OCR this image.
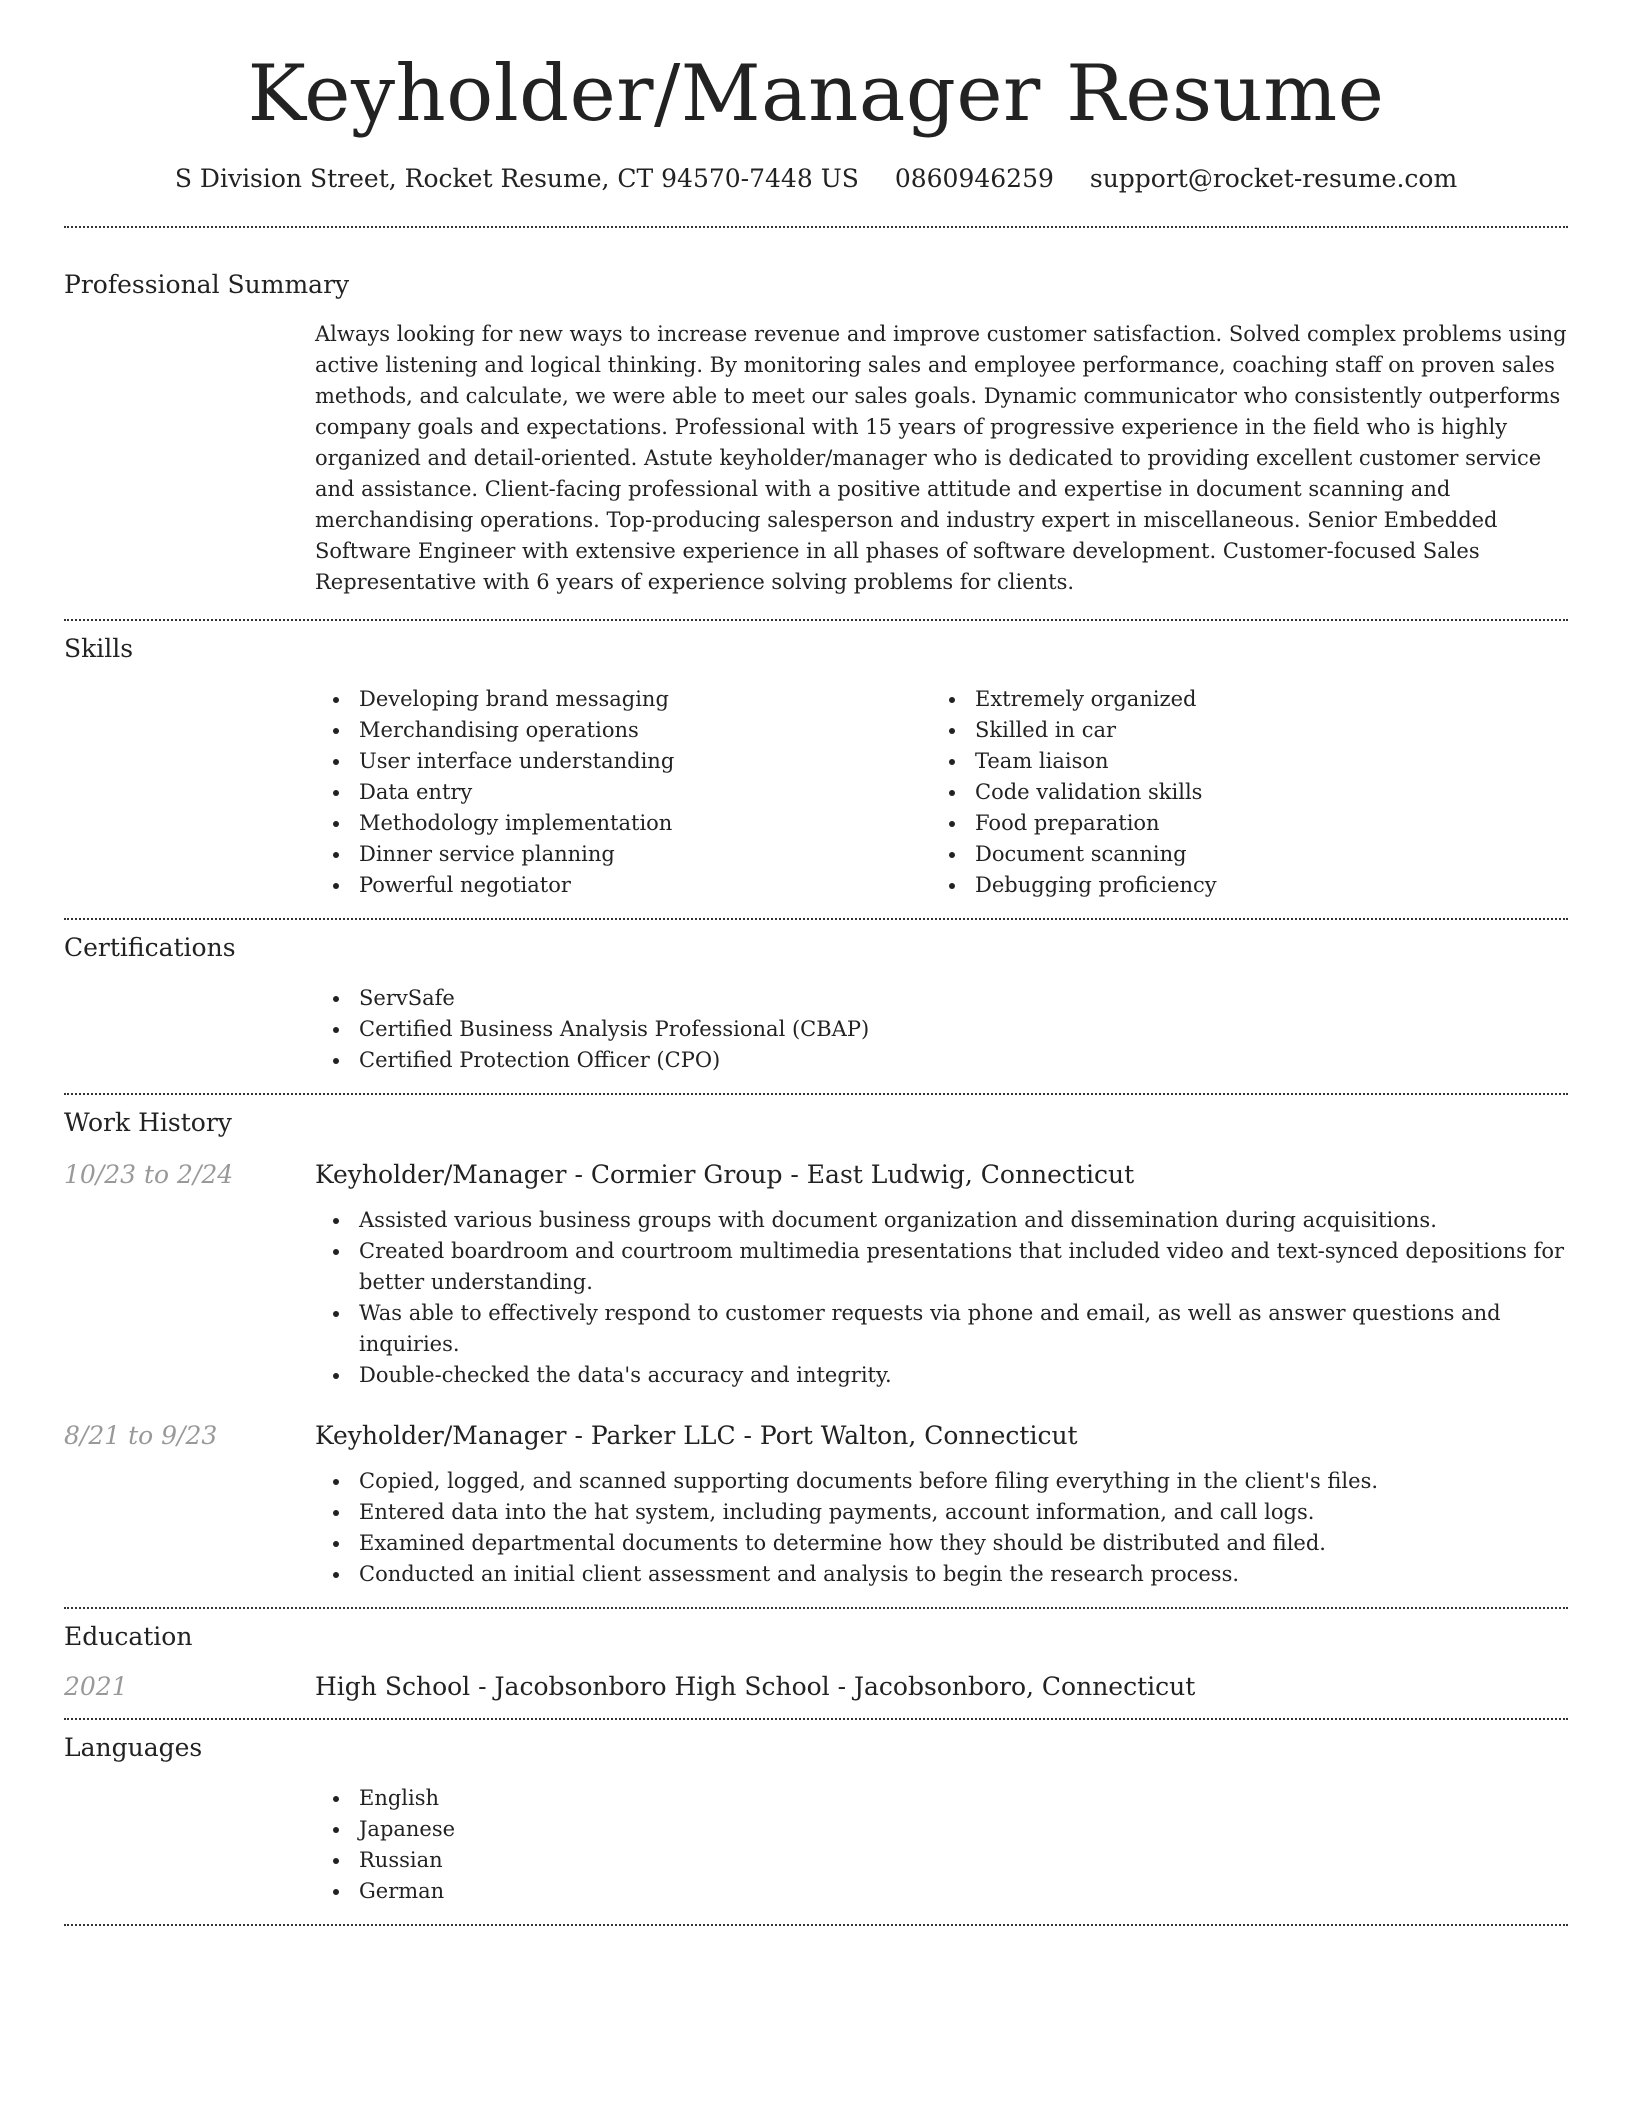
Keyholder/Manager Resume
S Division Street, Rocket Resume, CT 94570-7448 US 0860946259 support@rocket-resume.com
Professional Summary
Always looking for new ways to increase revenue and improve customer satisfaction. Solved complex problems using active listening and logical thinking. By monitoring sales and employee performance, coaching staff on proven sales methods, and calculate, we were able to meet our sales goals. Dynamic communicator who consistently outperforms company goals and expectations. Professional with 15 years of progressive experience in the field who is highly organized and detail-oriented. Astute keyholder/manager who is dedicated to providing excellent customer service and assistance. Client-facing professional with a positive attitude and expertise in document scanning and merchandising operations. Top-producing salesperson and industry expert in miscellaneous. Senior Embedded Software Engineer with extensive experience in all phases of software development. Customer-focused Sales Representative with 6 years of experience solving problems for clients.
Skills
Developing brand messaging
Merchandising operations
User interface understanding
Data entry
Methodology implementation
Dinner service planning
Powerful negotiator
Extremely organized
Skilled in car
Team liaison
Code validation skills
Food preparation
Document scanning
Debugging proficiency
Certifications
ServSafe
Certified Business Analysis Professional (CBAP)
Certified Protection Officer (CPO)
Work History
10/23 to 2/24	Keyholder/Manager - Cormier Group - East Ludwig, Connecticut
Assisted various business groups with document organization and dissemination during acquisitions.
Created boardroom and courtroom multimedia presentations that included video and text-synced depositions for better understanding.
Was able to effectively respond to customer requests via phone and email, as well as answer questions and inquiries.
Double-checked the data's accuracy and integrity.
8/21 to 9/23	Keyholder/Manager - Parker LLC - Port Walton, Connecticut
Copied, logged, and scanned supporting documents before filing everything in the client's files.
Entered data into the hat system, including payments, account information, and call logs.
Examined departmental documents to determine how they should be distributed and filed.
Conducted an initial client assessment and analysis to begin the research process.
Education
2021	High School - Jacobsonboro High School - Jacobsonboro, Connecticut
Languages
English
Japanese
Russian
German
